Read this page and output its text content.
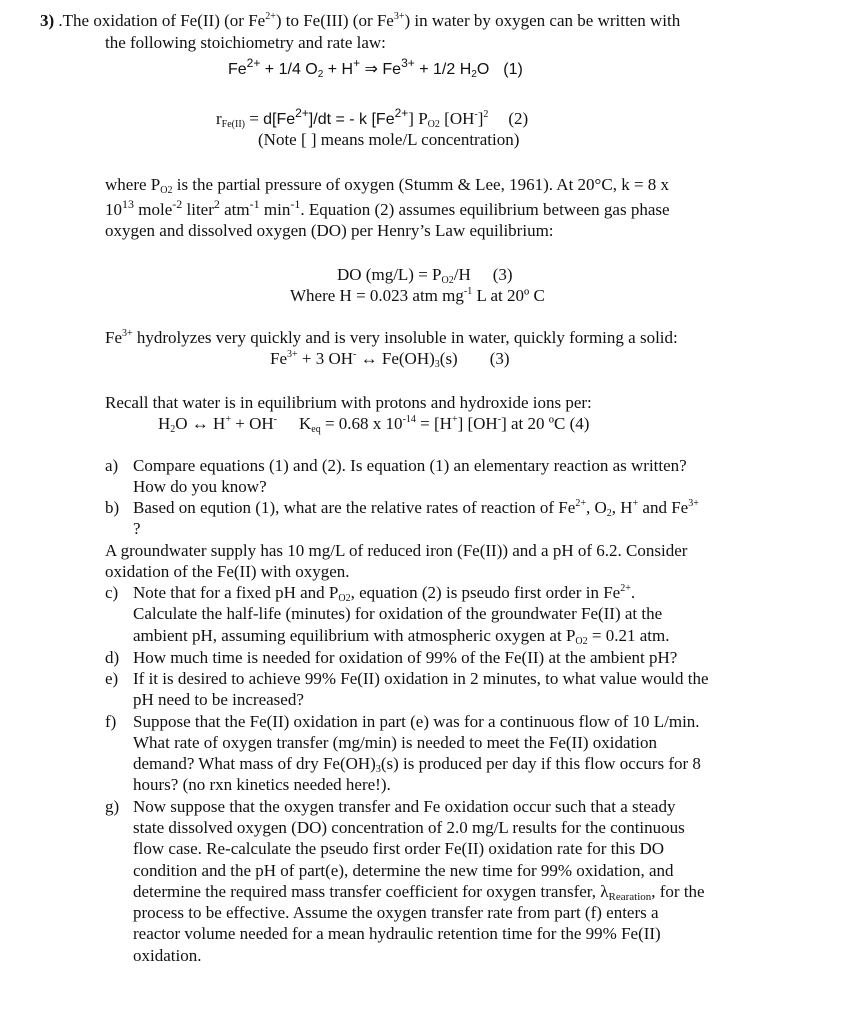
3) .The oxidation of Fe(II) (or $Fe^{2+}$) to Fe(III) (or $Fe^{3+}$) in water by oxygen can be written with
the following stoichiometry and rate law:
$Fe^{2+} + 1/4$ $O_2 + H^+$ ⇒ $Fe^{3+} + 1/2$ $H_2O$ (1)
$r_{Fe(II)} = d[Fe^{2+}]/dt$ = - k $[Fe^{2+}]$ $P_{O2}$ $[OH^-]^2$ (2)
(Note [ ] means mole/L concentration)
where $P_{O2}$ is the partial pressure of oxygen (Stumm & Lee, 1961). At 20°C, k = 8 x
$10^{13}$ mole$^{-2}$ liter$^2$ atm$^{-1}$ $\min^{-1}$. Equation (2) assumes equilibrium between gas phase
oxygen and dissolved oxygen (DO) per Henry’s Law equilibrium:
DO $(mg/L) = P_{O2}/H$ (3)
Where H = 0.023 atm $mg^{-1}$ L at 20º C
$Fe^{3+}$ hydrolyzes very quickly and is very insoluble in water, quickly forming a solid:
$Fe^{3+} + 3$ OH- ↔ $Fe(OH)_3(s)$ (3)
Recall that water is in equilibrium with protons and hydroxide ions per:
$H_2O$ ↔ H+ + OH- $K_{eq} = 0.68$ x $10^{-14} = [H^+]$ [OH-] at 20 ºC (4)
a) Compare equations (1) and (2). Is equation (1) an elementary reaction as written?
How do you know?
b) Based on eqution (1), what are the relative rates of reaction of $Fe^{2+}$, $O_2$, H+ and $Fe^{3+}$
?
A groundwater supply has 10 mg/L of reduced iron (Fe(II)) and a pH of 6.2. Consider
oxidation of the Fe(II) with oxygen.
c) Note that for a fixed pH and $P_{O2}$, equation (2) is pseudo first order in $Fe^{2+}$.
Calculate the half-life (minutes) for oxidation of the groundwater Fe(II) at the
ambient pH, assuming equilibrium with atmospheric oxygen at $P_{O2} = 0.21$ atm.
d) How much time is needed for oxidation of 99% of the Fe(II) at the ambient pH?
e) If it is desired to achieve 99% Fe(II) oxidation in 2 minutes, to what value would the
pH need to be increased?
f) Suppose that the Fe(II) oxidation in part (e) was for a continuous flow of 10 L/min.
What rate of oxygen transfer (mg/min) is needed to meet the Fe(II) oxidation
demand? What mass of dry $Fe(OH)_3(s)$ is produced per day if this flow occurs for 8
hours? (no rxn kinetics needed here!).
g) Now suppose that the oxygen transfer and Fe oxidation occur such that a steady
state dissolved oxygen (DO) concentration of 2.0 mg/L results for the continuous
flow case. Re-calculate the pseudo first order Fe(II) oxidation rate for this DO
condition and the pH of part(e), determine the new time for 99% oxidation, and
determine the required mass transfer coefficient for oxygen transfer, $\lambda_{Rearation}$, for the
process to be effective. Assume the oxygen transfer rate from part (f) enters a
reactor volume needed for a mean hydraulic retention time for the 99% Fe(II)
oxidation.
